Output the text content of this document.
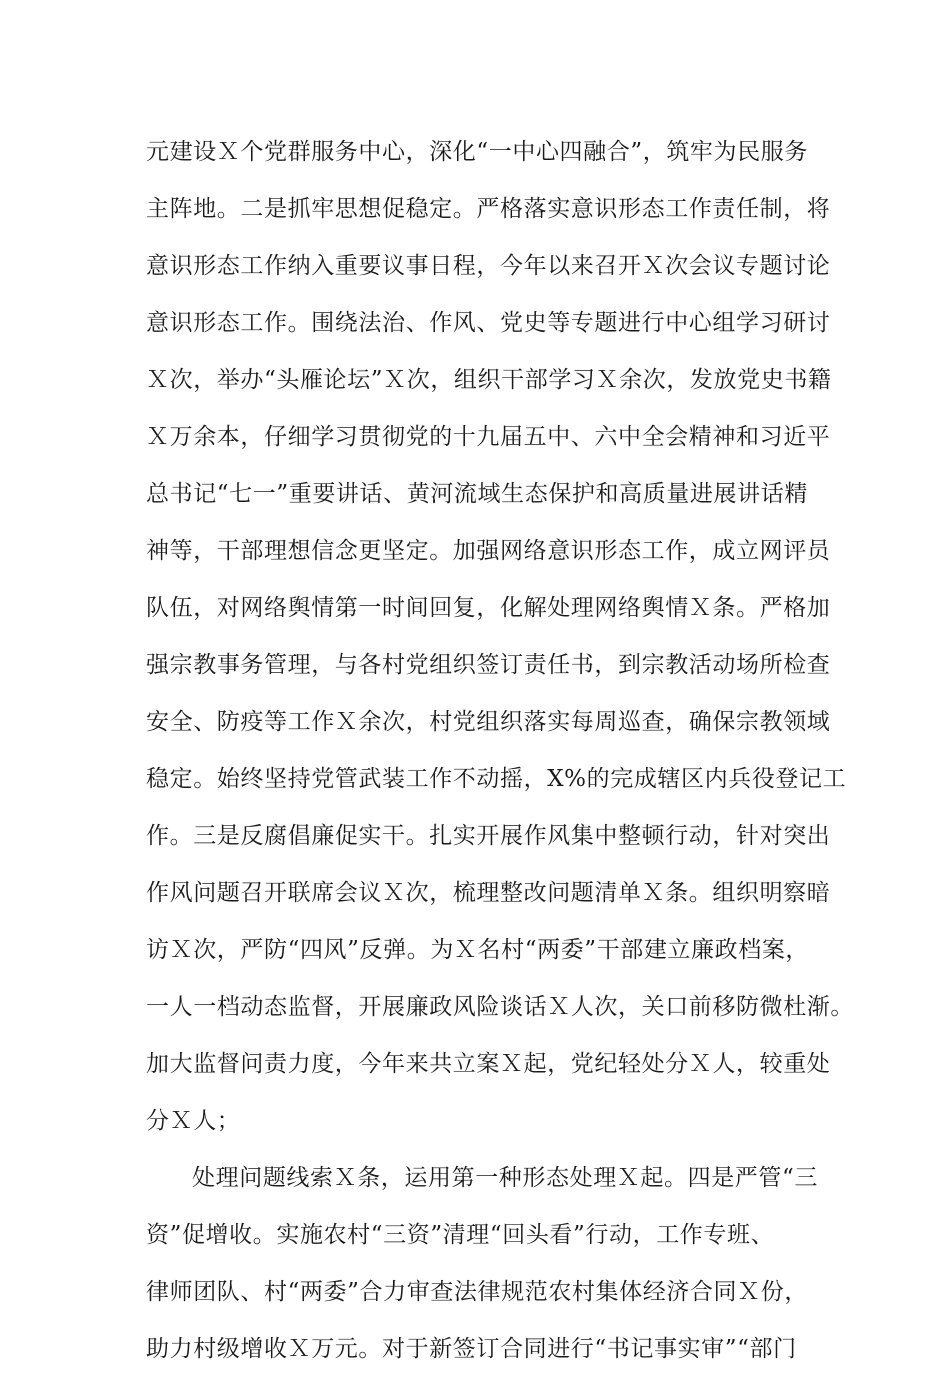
元建设Ｘ个党群服务中心，深化“一中心四融合”，筑牢为民服务
主阵地。二是抓牢思想促稳定。严格落实意识形态工作责任制，将
意识形态工作纳入重要议事日程，今年以来召开Ｘ次会议专题讨论
意识形态工作。围绕法治、作风、党史等专题进行中心组学习研讨
Ｘ次，举办“头雁论坛”Ｘ次，组织干部学习Ｘ余次，发放党史书籍
Ｘ万余本，仔细学习贯彻党的十九届五中、六中全会精神和习近平
总书记“七一”重要讲话、黄河流域生态保护和高质量进展讲话精
神等，干部理想信念更坚定。加强网络意识形态工作，成立网评员
队伍，对网络舆情第一时间回复，化解处理网络舆情Ｘ条。严格加
强宗教事务管理，与各村党组织签订责任书，到宗教活动场所检查
安全、防疫等工作Ｘ余次，村党组织落实每周巡查，确保宗教领域
稳定。始终坚持党管武装工作不动摇，X%的完成辖区内兵役登记工
作。三是反腐倡廉促实干。扎实开展作风集中整顿行动，针对突出
作风问题召开联席会议Ｘ次，梳理整改问题清单Ｘ条。组织明察暗
访Ｘ次，严防“四风”反弹。为Ｘ名村“两委”干部建立廉政档案，
一人一档动态监督，开展廉政风险谈话Ｘ人次，关口前移防微杜渐。
加大监督问责力度，今年来共立案Ｘ起，党纪轻处分Ｘ人，较重处
分Ｘ人；
处理问题线索Ｘ条，运用第一种形态处理Ｘ起。四是严管“三
资”促增收。实施农村“三资”清理“回头看”行动，工作专班、
律师团队、村“两委”合力审查法律规范农村集体经济合同Ｘ份，
助力村级增收Ｘ万元。对于新签订合同进行“书记事实审”“部门
